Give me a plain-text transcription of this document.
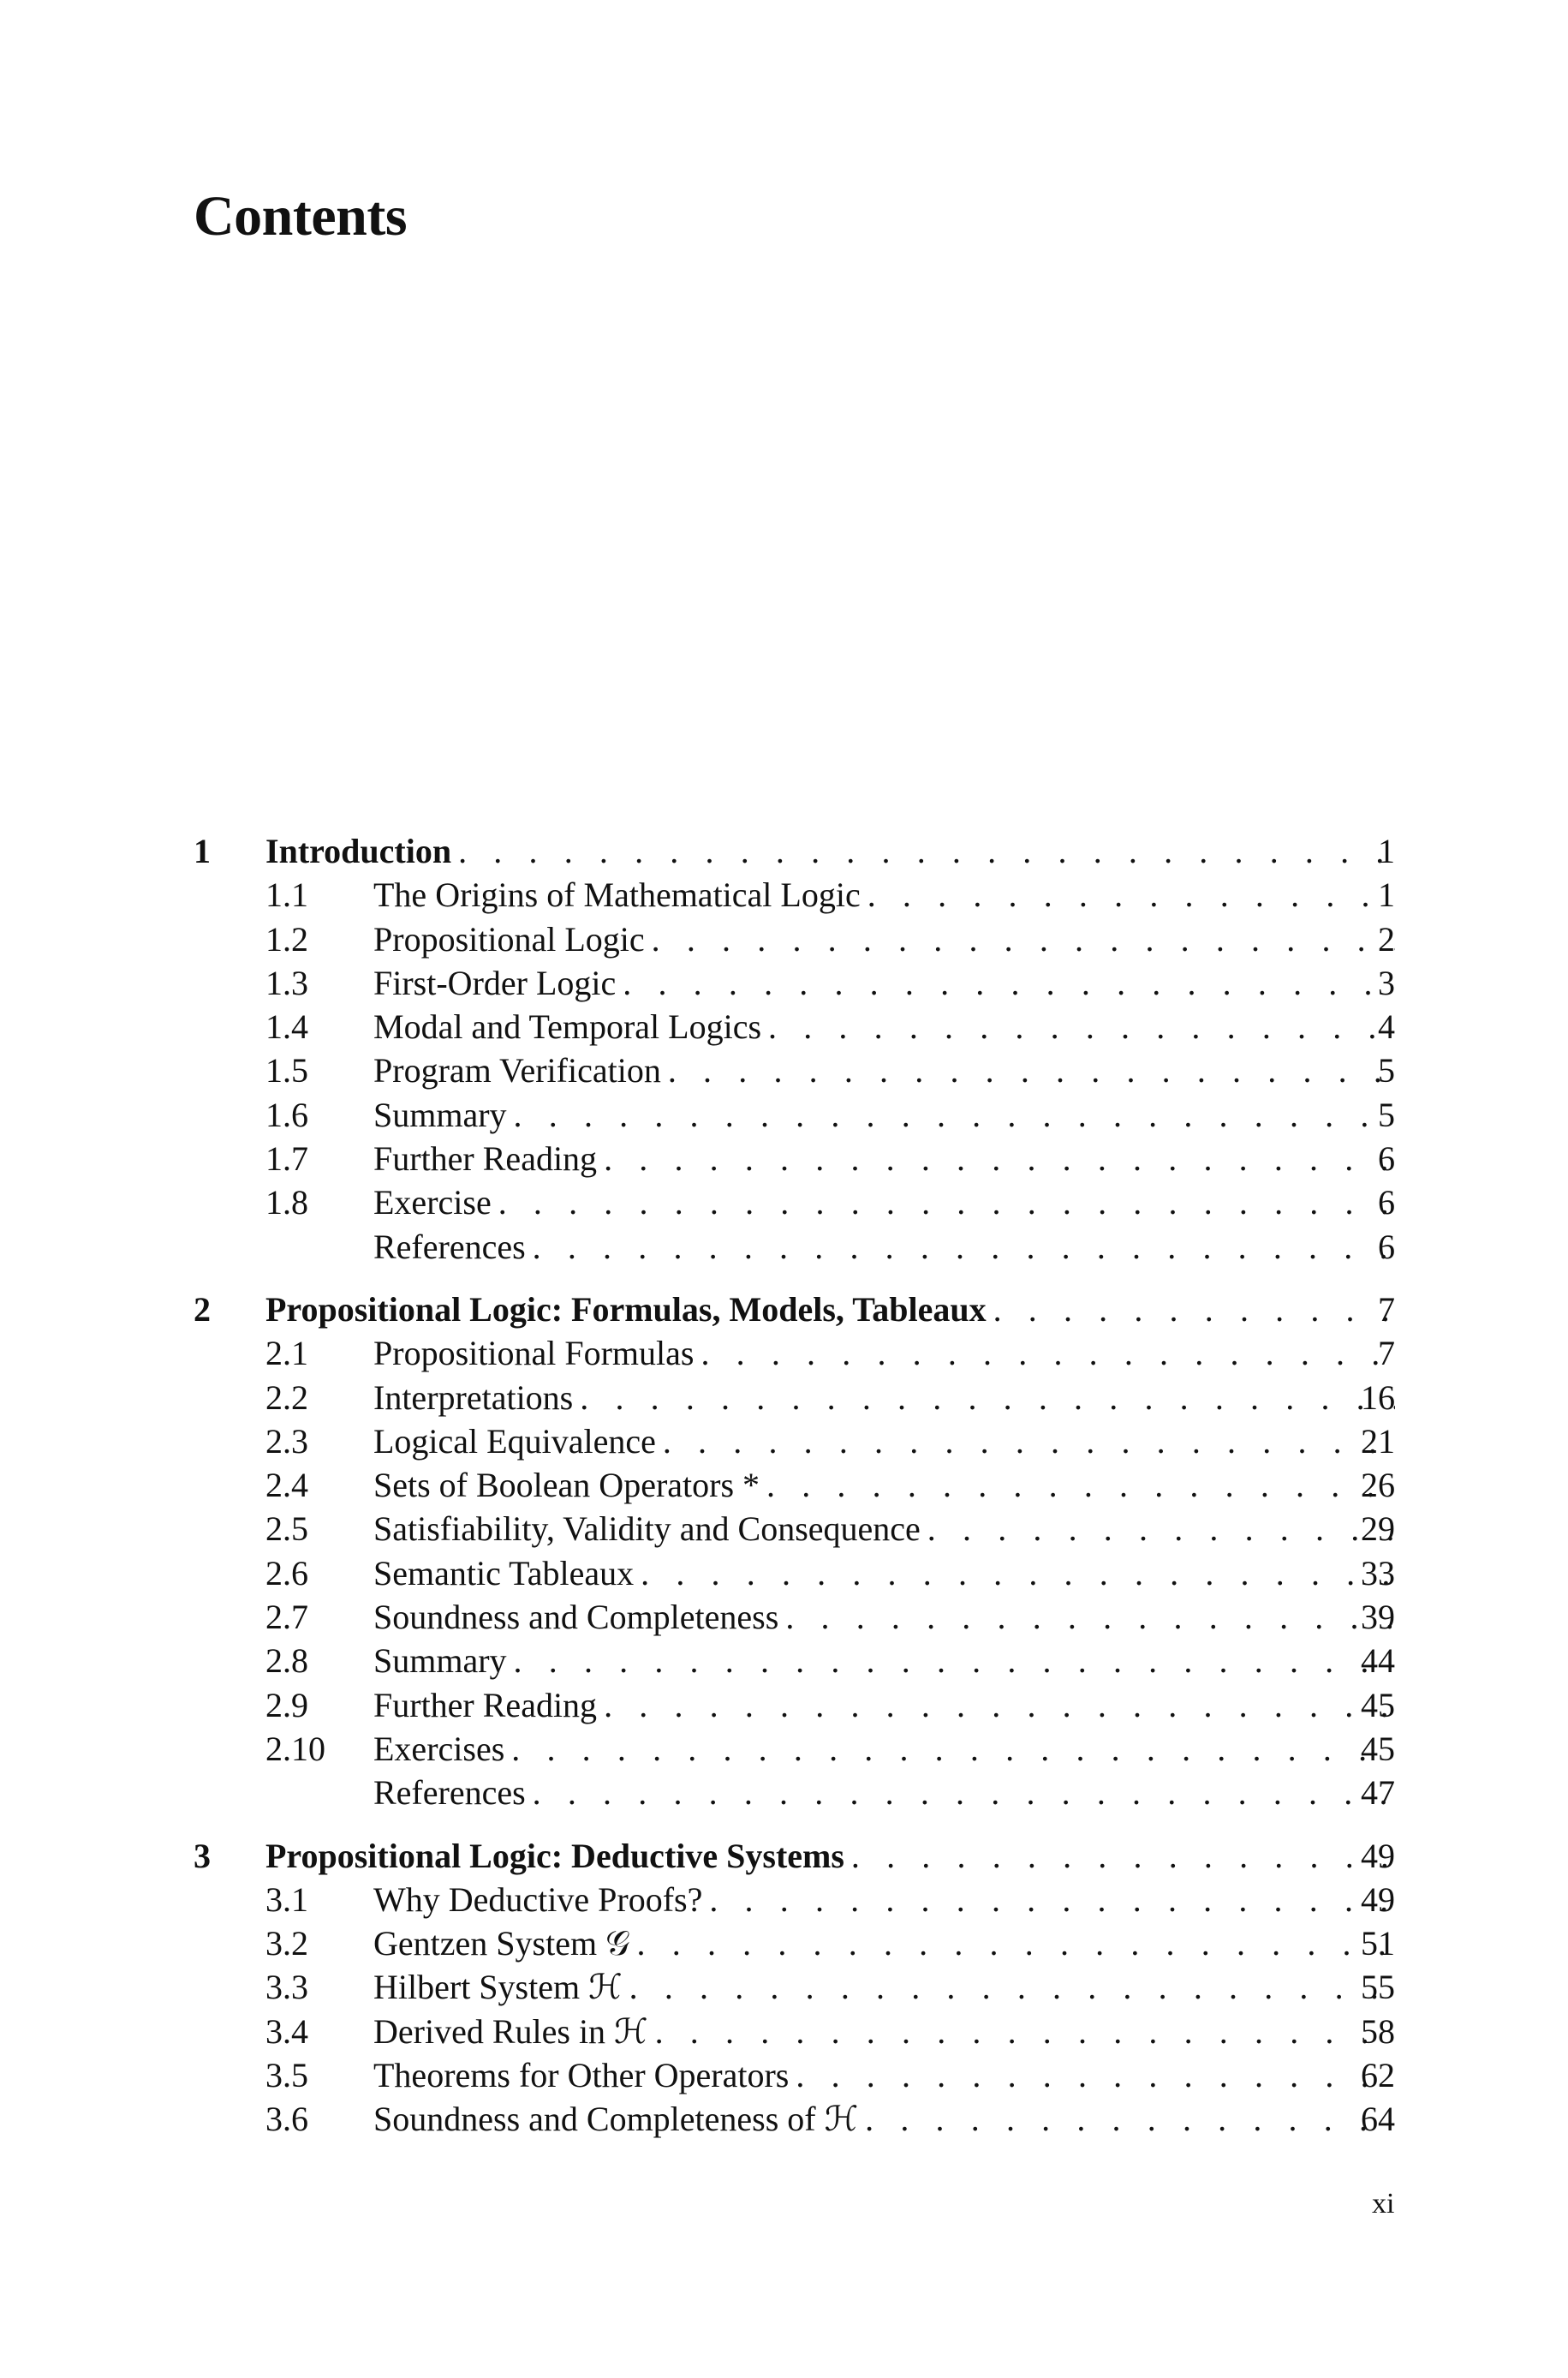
Contents
1 Introduction . . .
1.1 The Origins of Mathematical Logic . . .
1.2 Propositional Logic . . .
1.3 First-Order Logic . . .
1.4 Modal and Temporal Logics . . .
1.5 Program Verification . . .
1.6 Summary . . .
1.7 Further Reading . . .
1.8 Exercise . . .
References . . .
2 Propositional Logic: Formulas, Models, Tableaux . . .
2.1 Propositional Formulas . . .
2.2 Interpretations . . .
2.3 Logical Equivalence . . .
2.4 Sets of Boolean Operators * . . .
2.5 Satisfiability, Validity and Consequence . . .
2.6 Semantic Tableaux . . .
2.7 Soundness and Completeness . . .
2.8 Summary . . .
2.9 Further Reading . . .
2.10 Exercises . . .
References . . .
3 Propositional Logic: Deductive Systems . . .
3.1 Why Deductive Proofs? . . .
3.2 Gentzen System 𝒢 . . .
3.3 Hilbert System ℋ . . .
3.4 Derived Rules in ℋ . . .
3.5 Theorems for Other Operators . . .
3.6 Soundness and Completeness of ℋ . . .
xi
